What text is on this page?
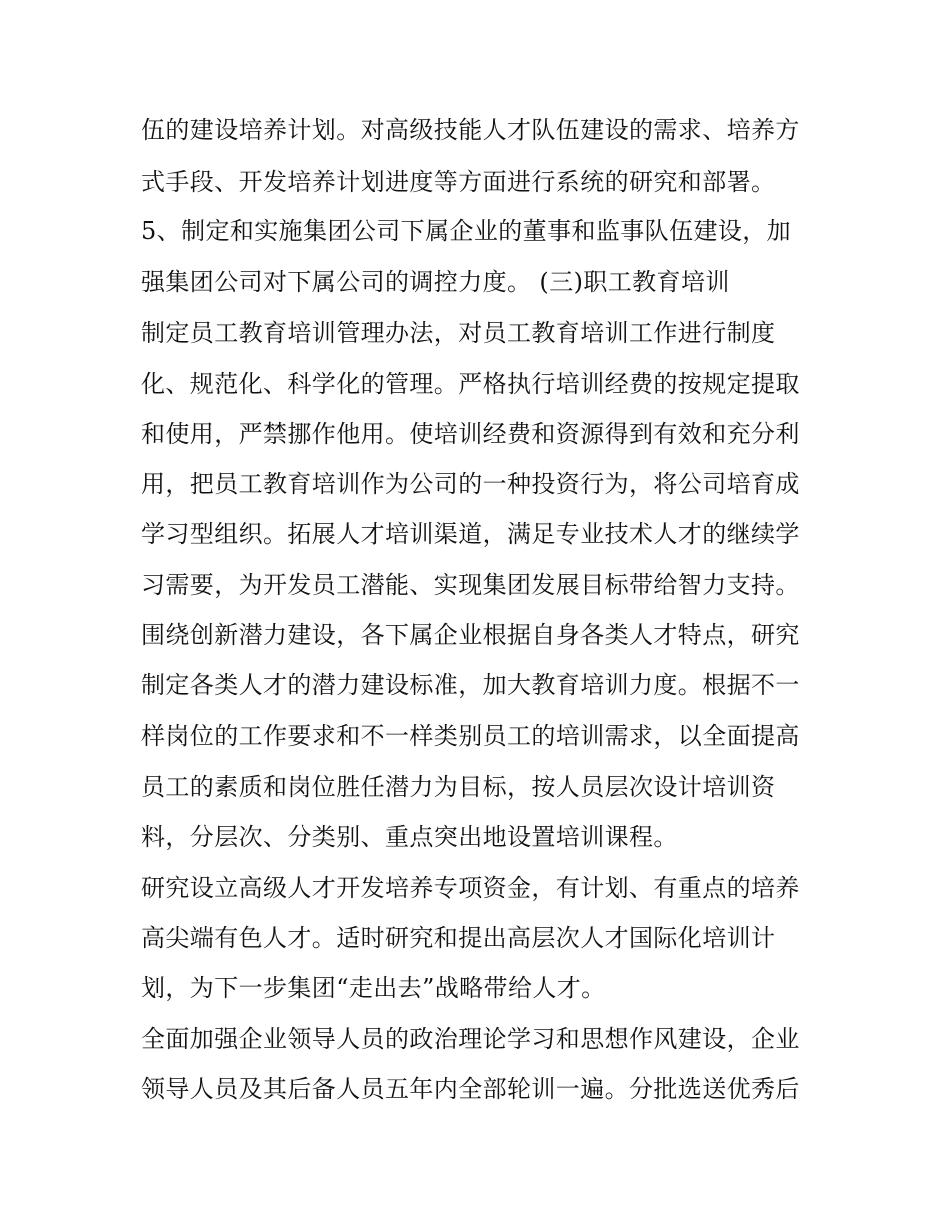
伍的建设培养计划。对高级技能人才队伍建设的需求、培养方
式手段、开发培养计划进度等方面进行系统的研究和部署。
5、制定和实施集团公司下属企业的董事和监事队伍建设，加
强集团公司对下属公司的调控力度。 (三)职工教育培训
制定员工教育培训管理办法，对员工教育培训工作进行制度
化、规范化、科学化的管理。严格执行培训经费的按规定提取
和使用，严禁挪作他用。使培训经费和资源得到有效和充分利
用，把员工教育培训作为公司的一种投资行为，将公司培育成
学习型组织。拓展人才培训渠道，满足专业技术人才的继续学
习需要，为开发员工潜能、实现集团发展目标带给智力支持。
围绕创新潜力建设，各下属企业根据自身各类人才特点，研究
制定各类人才的潜力建设标准，加大教育培训力度。根据不一
样岗位的工作要求和不一样类别员工的培训需求，以全面提高
员工的素质和岗位胜任潜力为目标，按人员层次设计培训资
料，分层次、分类别、重点突出地设置培训课程。
研究设立高级人才开发培养专项资金，有计划、有重点的培养
高尖端有色人才。适时研究和提出高层次人才国际化培训计
划，为下一步集团“走出去”战略带给人才。
全面加强企业领导人员的政治理论学习和思想作风建设，企业
领导人员及其后备人员五年内全部轮训一遍。分批选送优秀后
